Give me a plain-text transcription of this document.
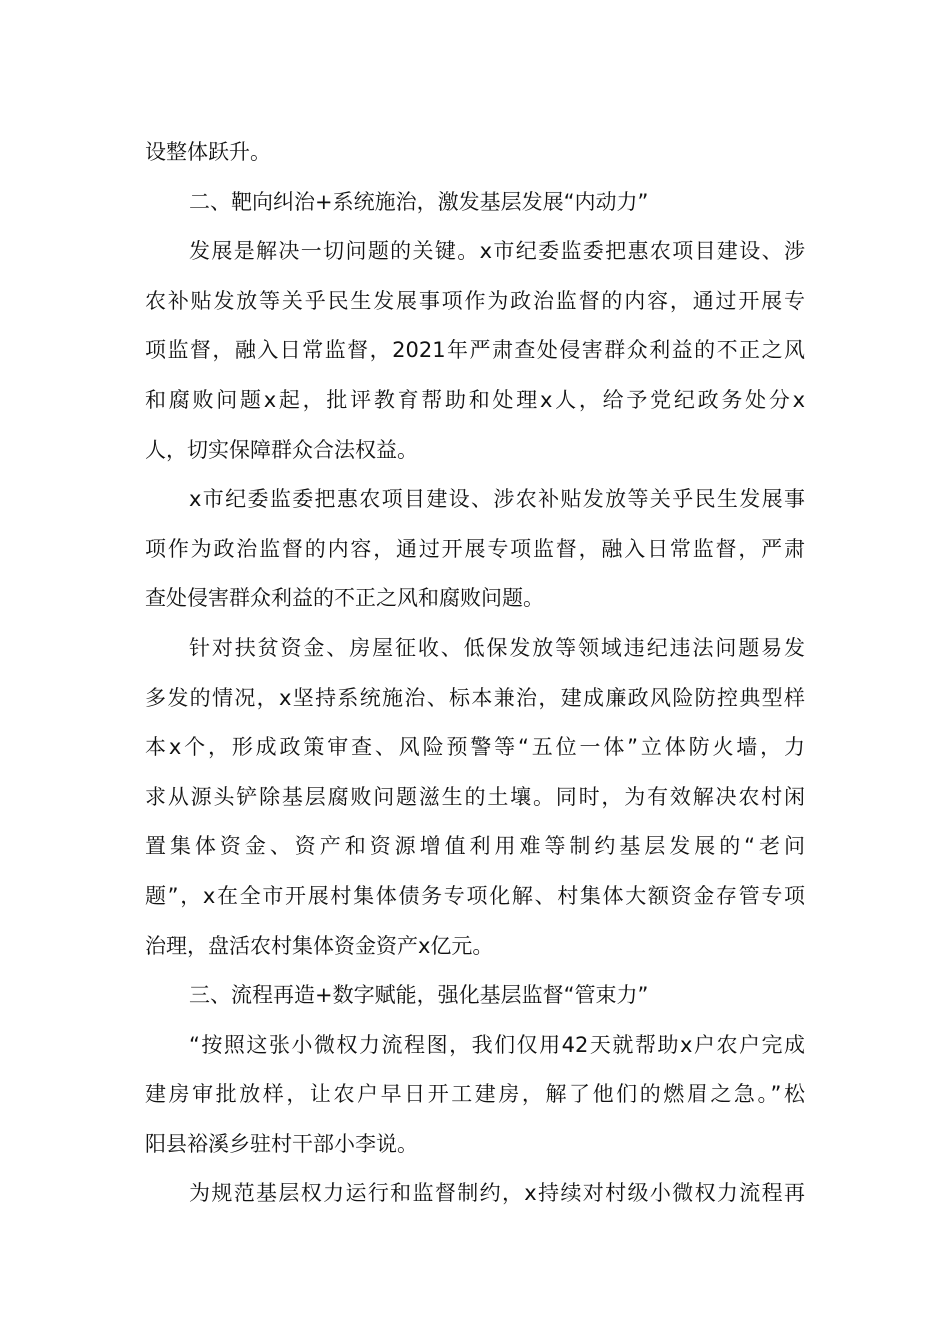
设整体跃升。
二、靶向纠治+系统施治，激发基层发展“内动力”
发展是解决一切问题的关键。x市纪委监委把惠农项目建设、涉
农补贴发放等关乎民生发展事项作为政治监督的内容，通过开展专
项监督，融入日常监督，2021年严肃查处侵害群众利益的不正之风
和腐败问题x起，批评教育帮助和处理x人，给予党纪政务处分x
人，切实保障群众合法权益。
x市纪委监委把惠农项目建设、涉农补贴发放等关乎民生发展事
项作为政治监督的内容，通过开展专项监督，融入日常监督，严肃
查处侵害群众利益的不正之风和腐败问题。
针对扶贫资金、房屋征收、低保发放等领域违纪违法问题易发
多发的情况，x坚持系统施治、标本兼治，建成廉政风险防控典型样
本x个，形成政策审查、风险预警等“五位一体”立体防火墙，力
求从源头铲除基层腐败问题滋生的土壤。同时，为有效解决农村闲
置集体资金、资产和资源增值利用难等制约基层发展的“老问
题”，x在全市开展村集体债务专项化解、村集体大额资金存管专项
治理，盘活农村集体资金资产x亿元。
三、流程再造+数字赋能，强化基层监督“管束力”
“按照这张小微权力流程图，我们仅用42天就帮助x户农户完成
建房审批放样，让农户早日开工建房，解了他们的燃眉之急。”松
阳县裕溪乡驻村干部小李说。
为规范基层权力运行和监督制约，x持续对村级小微权力流程再
